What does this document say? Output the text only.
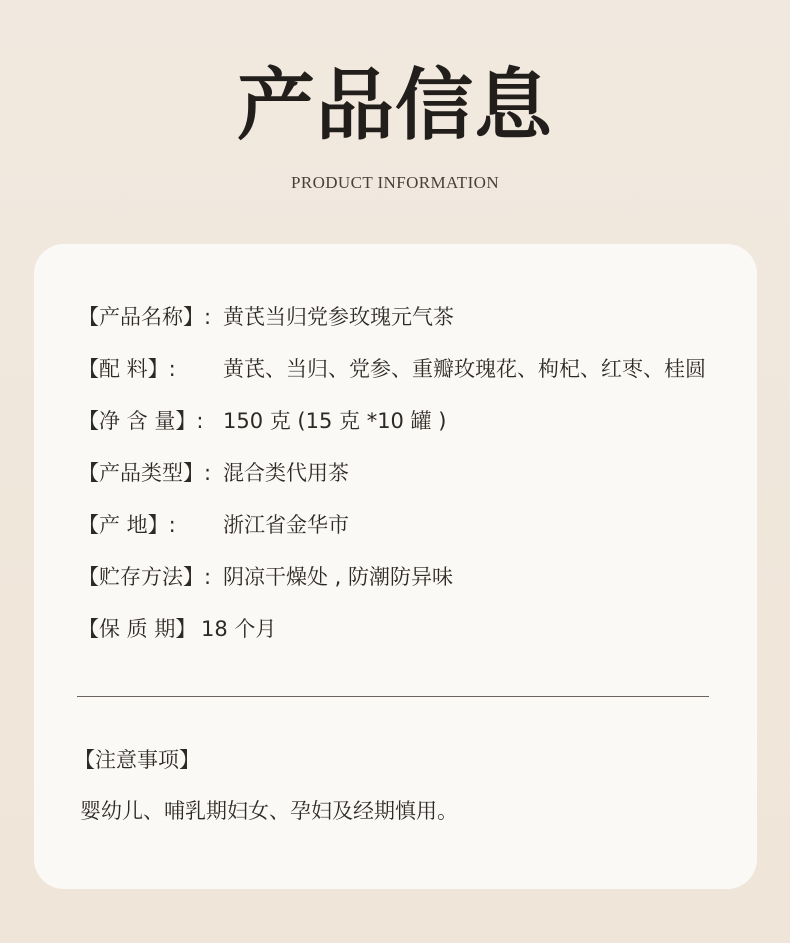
产品信息
PRODUCT INFORMATION
【产品名称】: 黄芪当归党参玫瑰元气茶
【配 料】:	黄芪、当归、党参、重瓣玫瑰花、枸杞、红枣、桂圆
【净 含 量】: 150 克 (15 克 *10 罐 )
【产品类型】: 混合类代用茶
【产 地】:	浙江省金华市
【贮存方法】: 阴凉干燥处 , 防潮防异味
【保 质 期】 18 个月
【注意事项】
婴幼儿、哺乳期妇女、孕妇及经期慎用。
